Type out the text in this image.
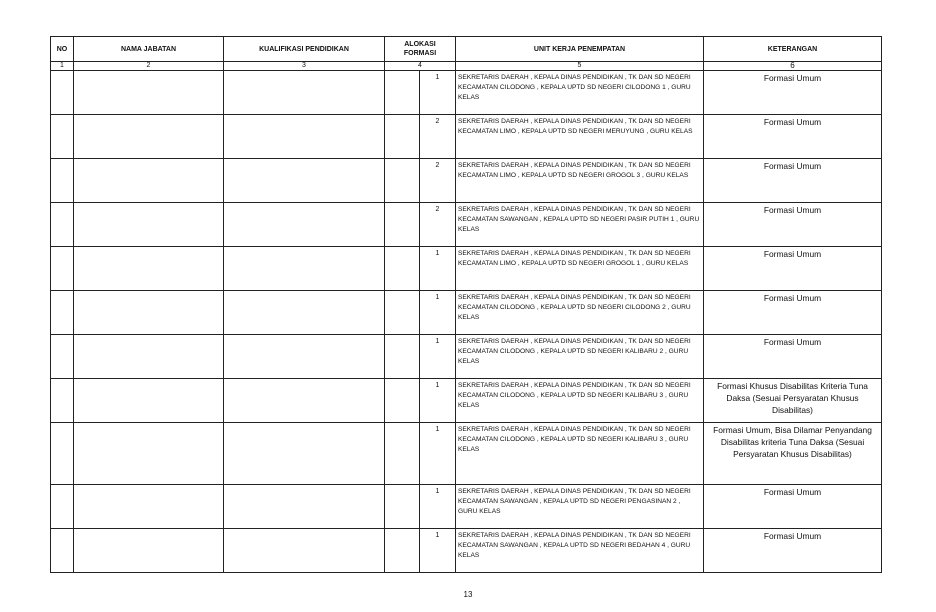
NO	NAMA JABATAN	KUALIFIKASI PENDIDIKAN	ALOKASI
FORMASI	UNIT KERJA PENEMPATAN	KETERANGAN
1	2	3	4	5	6

			1	SEKRETARIS DAERAH , KEPALA DINAS PENDIDIKAN , TK DAN SD NEGERI KECAMATAN CILODONG , KEPALA UPTD SD NEGERI CILODONG 1 , GURU KELAS	Formasi Umum

			2	SEKRETARIS DAERAH , KEPALA DINAS PENDIDIKAN , TK DAN SD NEGERI KECAMATAN LIMO , KEPALA UPTD SD NEGERI MERUYUNG , GURU KELAS	Formasi Umum

			2	SEKRETARIS DAERAH , KEPALA DINAS PENDIDIKAN , TK DAN SD NEGERI KECAMATAN LIMO , KEPALA UPTD SD NEGERI GROGOL 3 , GURU KELAS	Formasi Umum

			2	SEKRETARIS DAERAH , KEPALA DINAS PENDIDIKAN , TK DAN SD NEGERI KECAMATAN SAWANGAN , KEPALA UPTD SD NEGERI PASIR PUTIH 1 , GURU KELAS	Formasi Umum

			1	SEKRETARIS DAERAH , KEPALA DINAS PENDIDIKAN , TK DAN SD NEGERI KECAMATAN LIMO , KEPALA UPTD SD NEGERI GROGOL 1 , GURU KELAS	Formasi Umum

			1	SEKRETARIS DAERAH , KEPALA DINAS PENDIDIKAN , TK DAN SD NEGERI KECAMATAN CILODONG , KEPALA UPTD SD NEGERI CILODONG 2 , GURU KELAS	Formasi Umum

			1	SEKRETARIS DAERAH , KEPALA DINAS PENDIDIKAN , TK DAN SD NEGERI KECAMATAN CILODONG , KEPALA UPTD SD NEGERI KALIBARU 2 , GURU KELAS	Formasi Umum

			1	SEKRETARIS DAERAH , KEPALA DINAS PENDIDIKAN , TK DAN SD NEGERI KECAMATAN CILODONG , KEPALA UPTD SD NEGERI KALIBARU 3 , GURU KELAS	Formasi Khusus Disabilitas Kriteria Tuna Daksa (Sesuai Persyaratan Khusus Disabilitas)

			1	SEKRETARIS DAERAH , KEPALA DINAS PENDIDIKAN , TK DAN SD NEGERI KECAMATAN CILODONG , KEPALA UPTD SD NEGERI KALIBARU 3 , GURU KELAS	Formasi Umum, Bisa Dilamar Penyandang Disabilitas kriteria Tuna Daksa (Sesuai Persyaratan Khusus Disabilitas)

			1	SEKRETARIS DAERAH , KEPALA DINAS PENDIDIKAN , TK DAN SD NEGERI KECAMATAN SAWANGAN , KEPALA UPTD SD NEGERI PENGASINAN 2 , GURU KELAS	Formasi Umum

			1	SEKRETARIS DAERAH , KEPALA DINAS PENDIDIKAN , TK DAN SD NEGERI KECAMATAN SAWANGAN , KEPALA UPTD SD NEGERI BEDAHAN 4 , GURU KELAS	Formasi Umum
13
